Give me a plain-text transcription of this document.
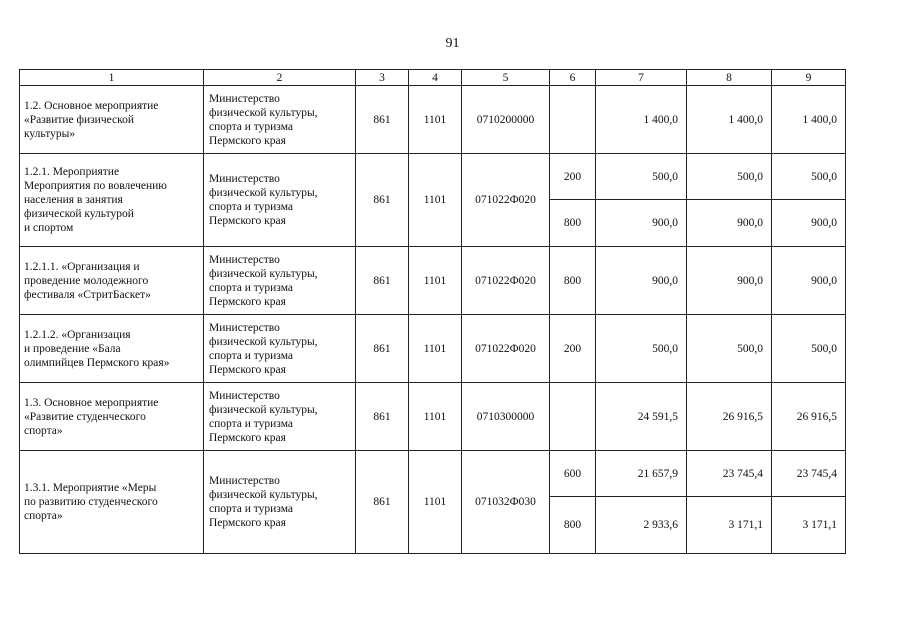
91
1	2	3	4	5	6	7	8	9
1.2. Основное мероприятие
«Развитие физической
культуры»	Министерство
физической культуры,
спорта и туризма
Пермского края	861	1101	0710200000		1 400,0	1 400,0	1 400,0
1.2.1. Мероприятие
Мероприятия по вовлечению
населения в занятия
физической культурой
и спортом	Министерство
физической культуры,
спорта и туризма
Пермского края	861	1101	071022Ф020	200	500,0	500,0	500,0
					800	900,0	900,0	900,0
1.2.1.1. «Организация и
проведение молодежного
фестиваля «СтритБаскет»	Министерство
физической культуры,
спорта и туризма
Пермского края	861	1101	071022Ф020	800	900,0	900,0	900,0
1.2.1.2. «Организация
и проведение «Бала
олимпийцев Пермского края»	Министерство
физической культуры,
спорта и туризма
Пермского края	861	1101	071022Ф020	200	500,0	500,0	500,0
1.3. Основное мероприятие
«Развитие студенческого
спорта»	Министерство
физической культуры,
спорта и туризма
Пермского края	861	1101	0710300000		24 591,5	26 916,5	26 916,5
1.3.1. Мероприятие «Меры
по развитию студенческого
спорта»	Министерство
физической культуры,
спорта и туризма
Пермского края	861	1101	071032Ф030	600	21 657,9	23 745,4	23 745,4
					800	2 933,6	3 171,1	3 171,1
